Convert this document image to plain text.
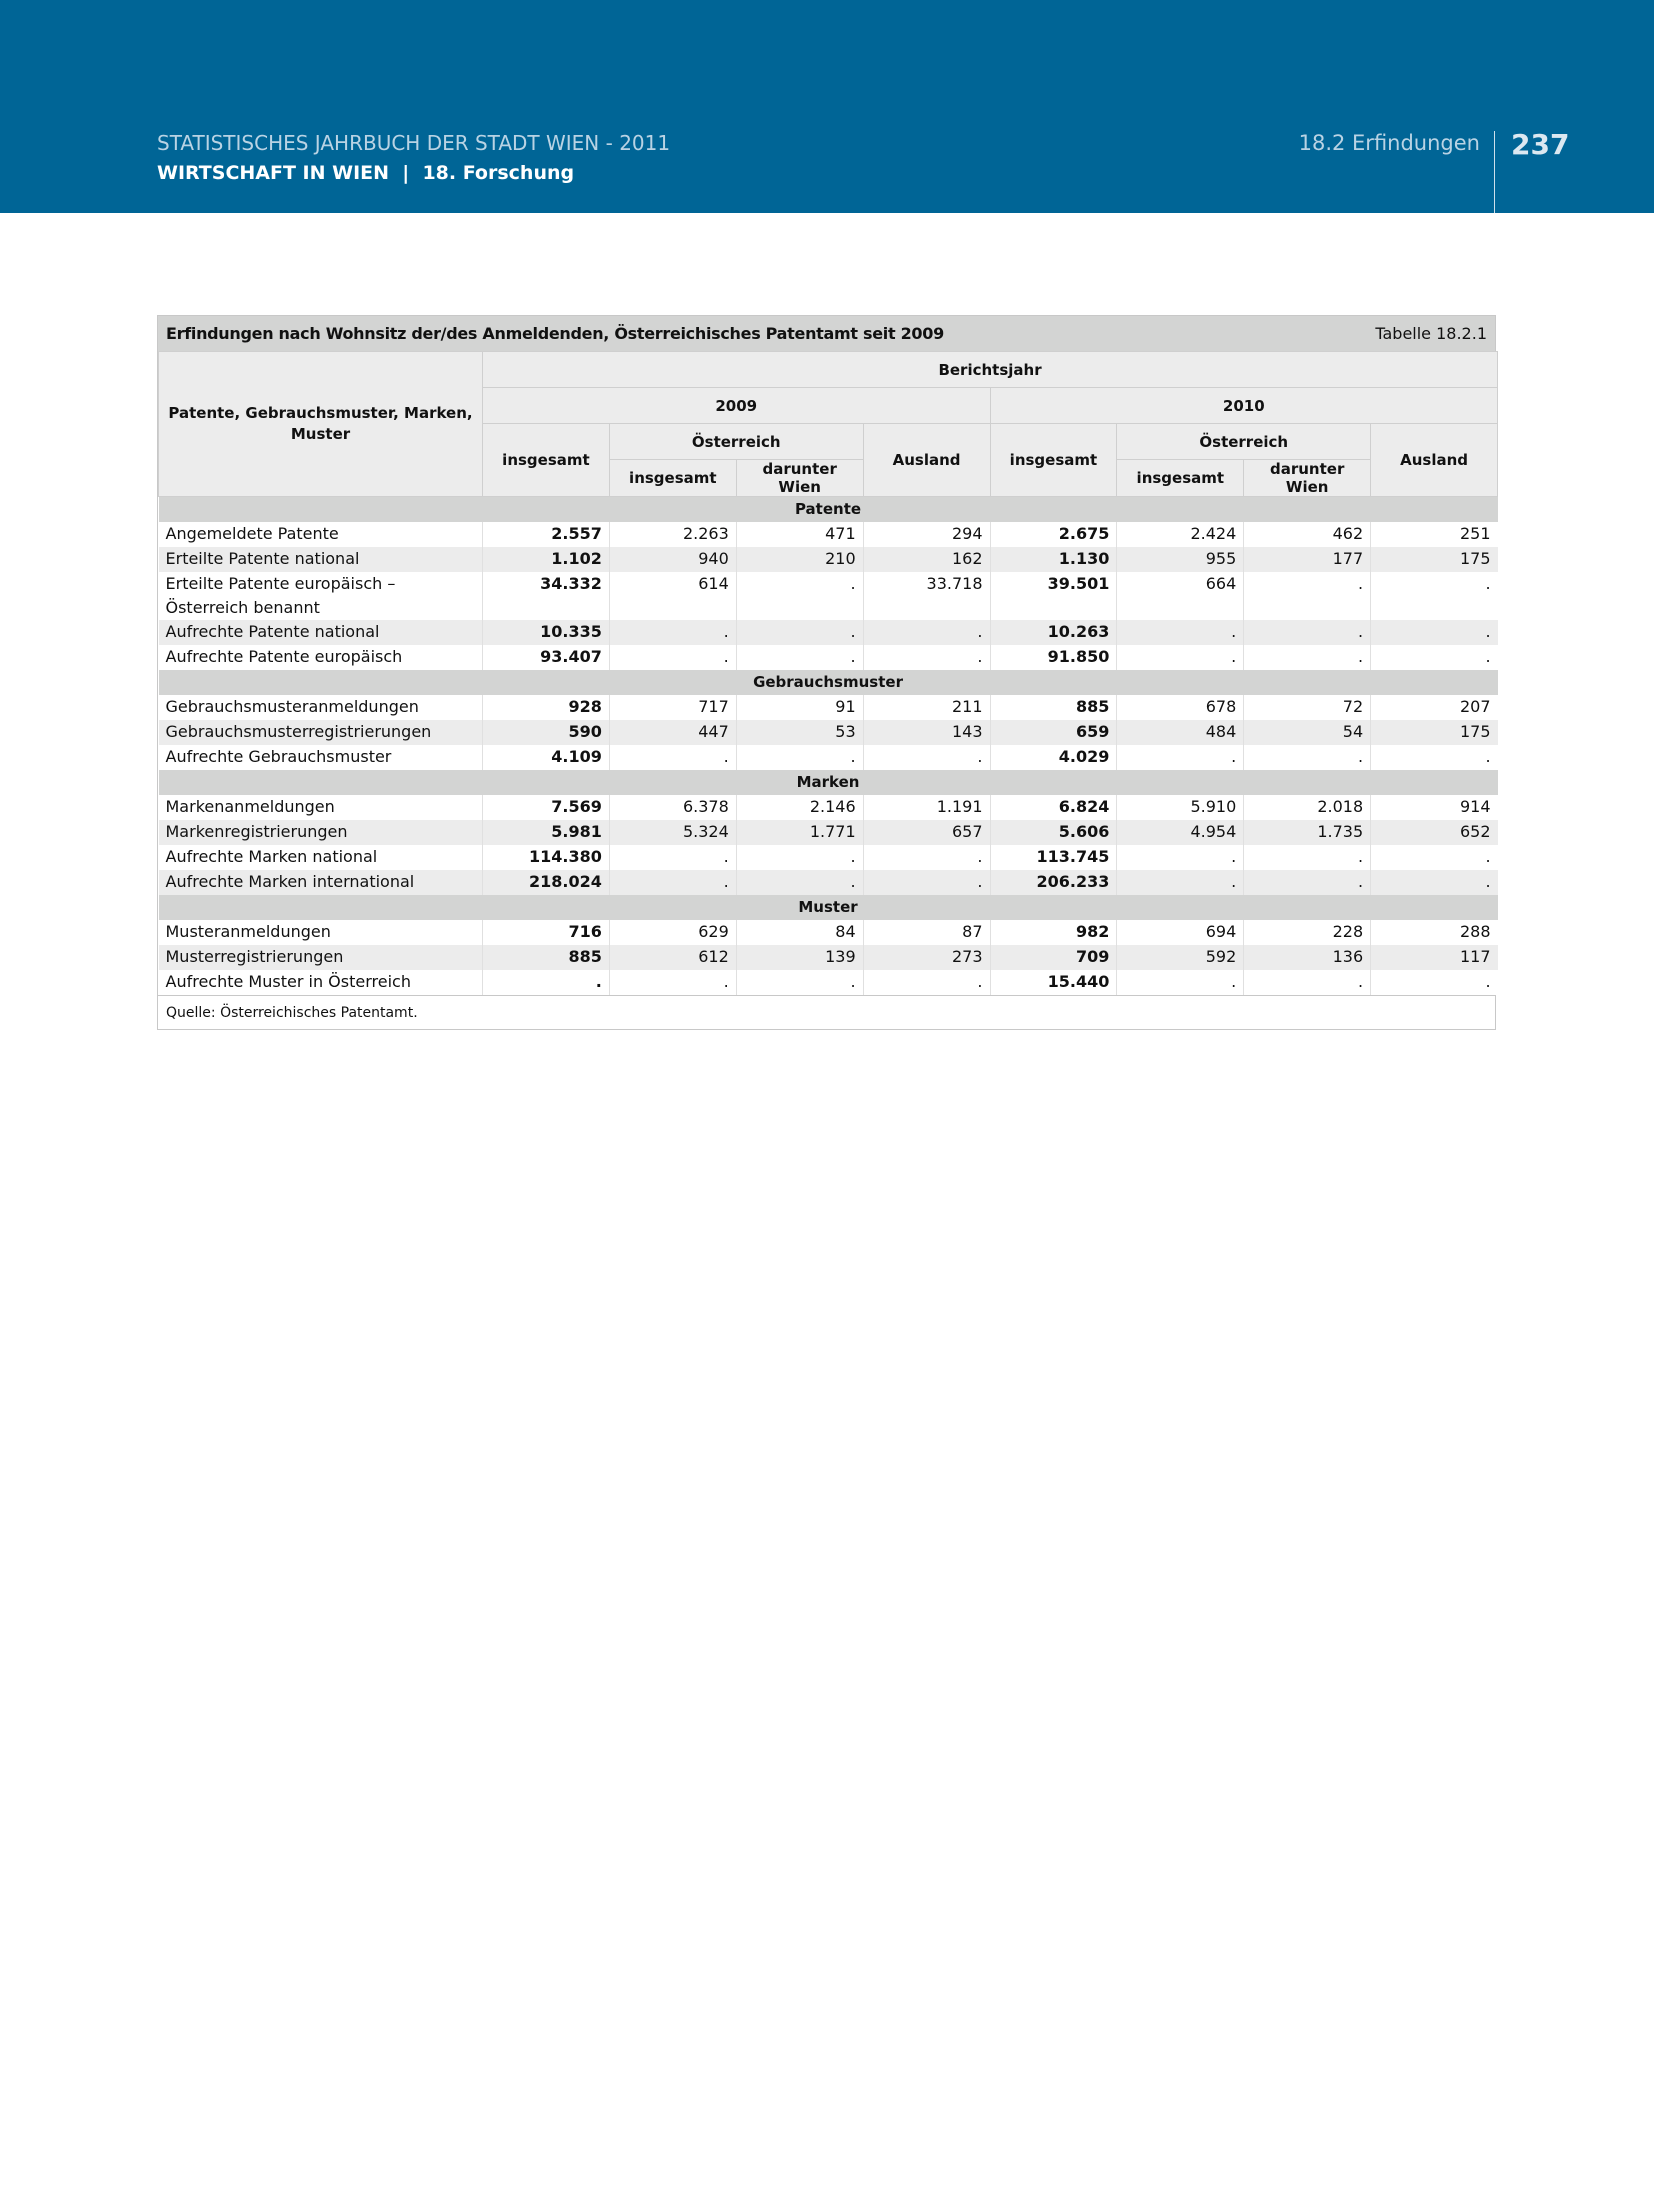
STATISTISCHES JAHRBUCH DER STADT WIEN - 2011
WIRTSCHAFT IN WIEN  |  18. Forschung
18.2 Erfindungen 237
Erfindungen nach Wohnsitz der/des Anmeldenden, Österreichisches Patentamt seit 2009	Tabelle 18.2.1
Patente, Gebrauchsmuster, Marken, Muster	Berichtsjahr							
	2009				2010			
	insgesamt	Österreich		Ausland	insgesamt	Österreich		Ausland
		insgesamt	darunter Wien			insgesamt	darunter Wien	
Patente								
Angemeldete Patente	2.557	2.263	471	294	2.675	2.424	462	251
Erteilte Patente national	1.102	940	210	162	1.130	955	177	175
Erteilte Patente europäisch – Österreich benannt	34.332	614	.	33.718	39.501	664	.	.
Aufrechte Patente national	10.335	.	.	.	10.263	.	.	.
Aufrechte Patente europäisch	93.407	.	.	.	91.850	.	.	.
Gebrauchsmuster								
Gebrauchsmusteranmeldungen	928	717	91	211	885	678	72	207
Gebrauchsmusterregistrierungen	590	447	53	143	659	484	54	175
Aufrechte Gebrauchsmuster	4.109	.	.	.	4.029	.	.	.
Marken								
Markenanmeldungen	7.569	6.378	2.146	1.191	6.824	5.910	2.018	914
Markenregistrierungen	5.981	5.324	1.771	657	5.606	4.954	1.735	652
Aufrechte Marken national	114.380	.	.	.	113.745	.	.	.
Aufrechte Marken international	218.024	.	.	.	206.233	.	.	.
Muster								
Musteranmeldungen	716	629	84	87	982	694	228	288
Musterregistrierungen	885	612	139	273	709	592	136	117
Aufrechte Muster in Österreich	.	.	.	.	15.440	.	.	.
Quelle: Österreichisches Patentamt.
